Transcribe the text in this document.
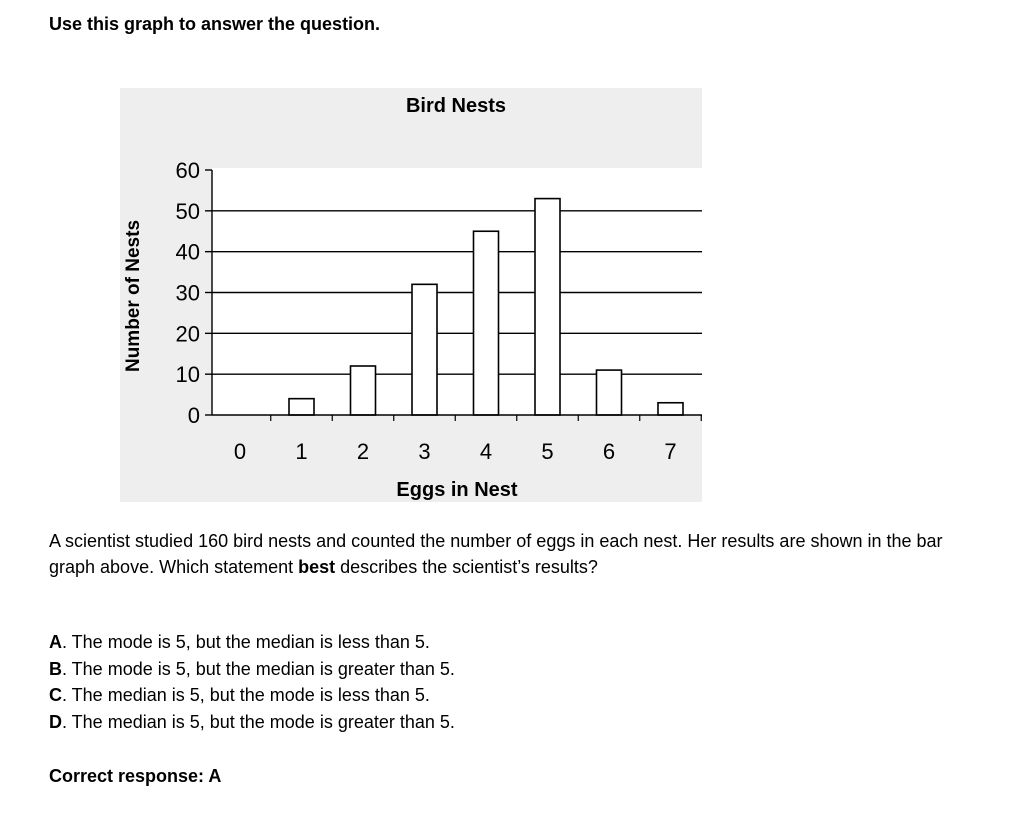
Use this graph to answer the question.
0
10
20
30
40
50
60
0 1 2 3 4 5 6 7
Bird Nests
Eggs in Nest
Number of Nests
A scientist studied 160 bird nests and counted the number of eggs in each nest. Her results are shown in the bar graph above. Which statement best describes the scientist’s results?
A. The mode is 5, but the median is less than 5.
B. The mode is 5, but the median is greater than 5.
C. The median is 5, but the mode is less than 5.
D. The median is 5, but the mode is greater than 5.
Correct response: A
